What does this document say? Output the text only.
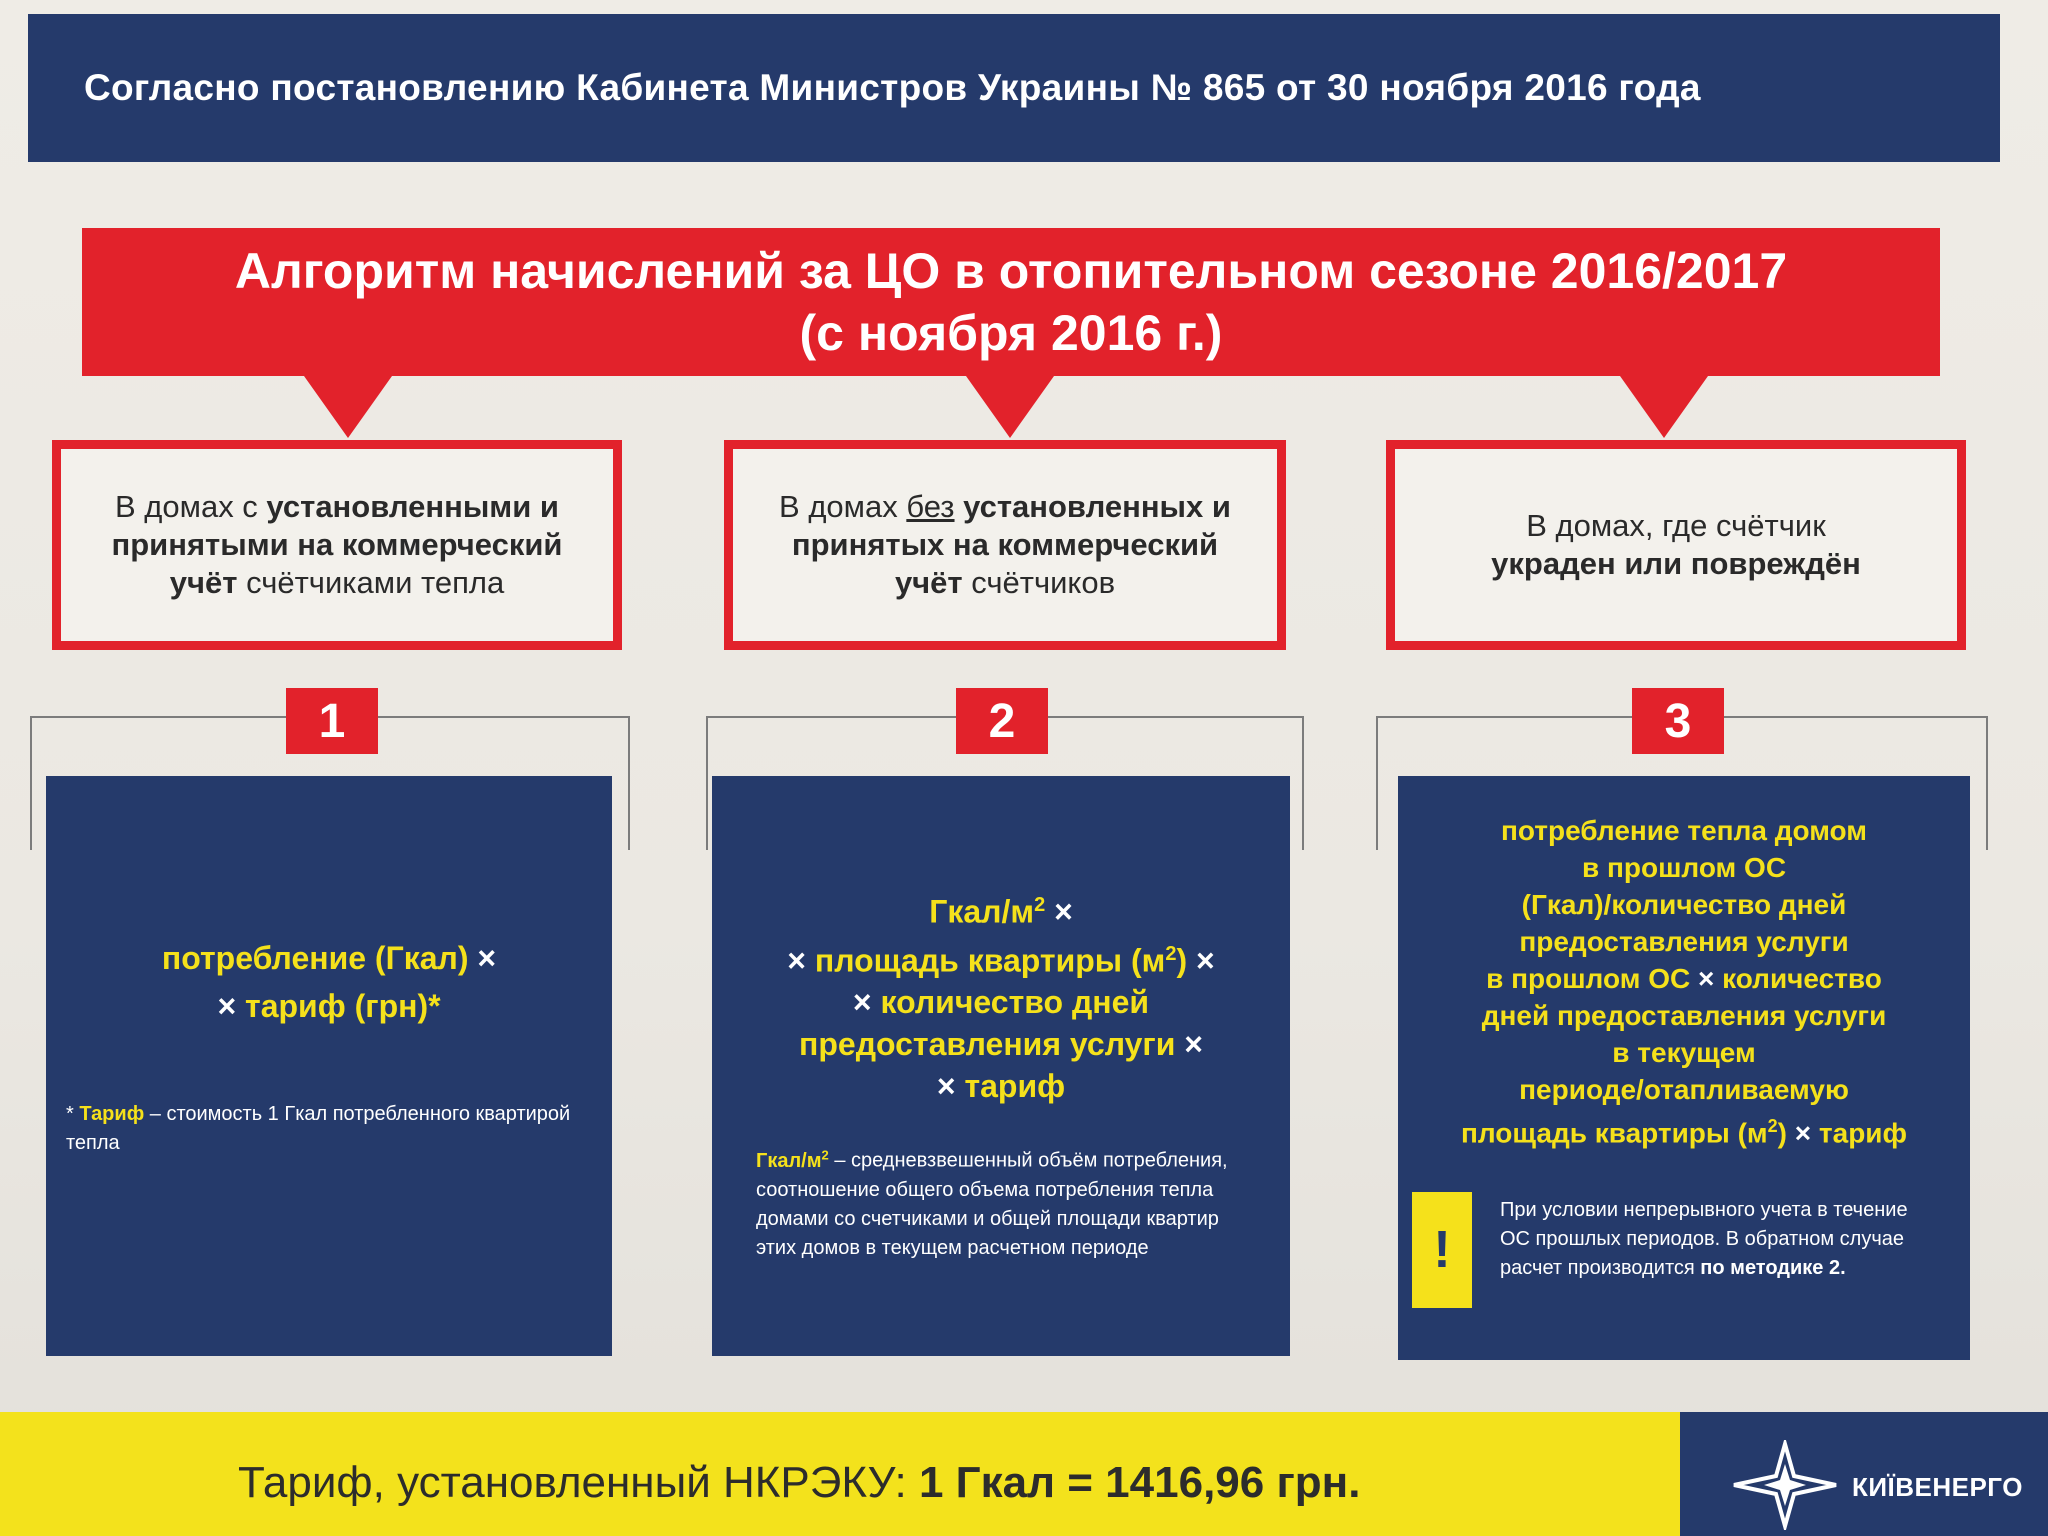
Согласно постановлению Кабинета Министров Украины № 865 от 30 ноября 2016 года
Алгоритм начислений за ЦО в отопительном сезоне 2016/2017
(с ноября 2016 г.)
В домах с установленными и принятыми на коммерческий учёт счётчиками тепла
В домах без установленных и принятых на коммерческий учёт счётчиков
В домах, где счётчик
украден или повреждён
1	2	3
потребление (Гкал) ×
× тариф (грн)*
* Тариф – стоимость 1 Гкал потребленного квартирой тепла
Гкал/$м^2$ ×
× площадь квартиры $(м^2)$ ×
× количество дней
предоставления услуги ×
× тариф
Гкал/$м^2$ – средневзвешенный объём потребления, соотношение общего объема потребления тепла домами со счетчиками и общей площади квартир этих домов в текущем расчетном периоде
потребление тепла домом
в прошлом ОС
(Гкал)/количество дней
предоставления услуги
в прошлом ОС × количество
дней предоставления услуги
в текущем
периоде/отапливаемую
площадь квартиры $(м^2)$ × тариф
!
При условии непрерывного учета в течение ОС прошлых периодов. В обратном случае расчет производится по методике 2.
Тариф, установленный НКРЭКУ: 1 Гкал = 1416,96 грн.	КИЇВЕНЕРГО
